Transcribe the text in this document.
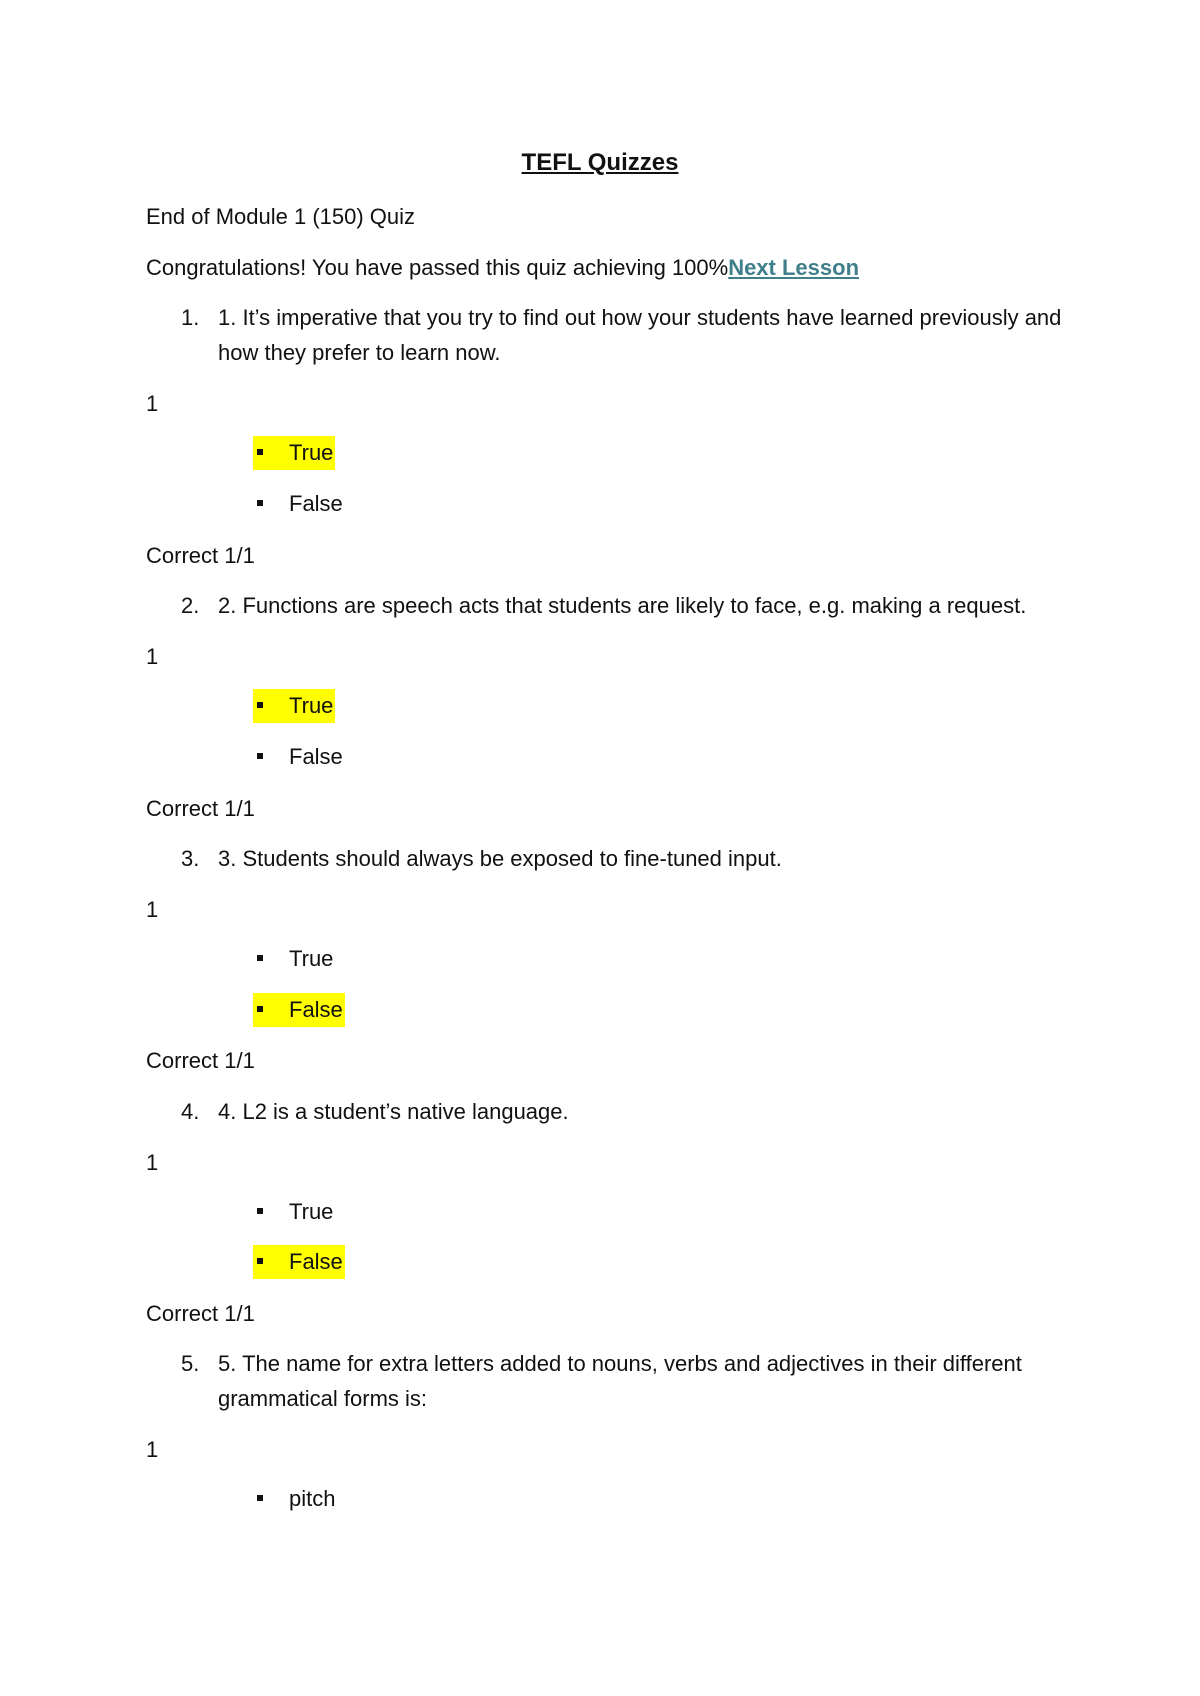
TEFL Quizzes
End of Module 1 (150) Quiz
Congratulations! You have passed this quiz achieving 100%Next Lesson
1. 1. It’s imperative that you try to find out how your students have learned previously and how they prefer to learn now.
1
True
False
Correct 1/1
2. 2. Functions are speech acts that students are likely to face, e.g. making a request.
1
True
False
Correct 1/1
3. 3. Students should always be exposed to fine-tuned input.
1
True
False
Correct 1/1
4. 4. L2 is a student’s native language.
1
True
False
Correct 1/1
5. 5. The name for extra letters added to nouns, verbs and adjectives in their different grammatical forms is:
1
pitch
